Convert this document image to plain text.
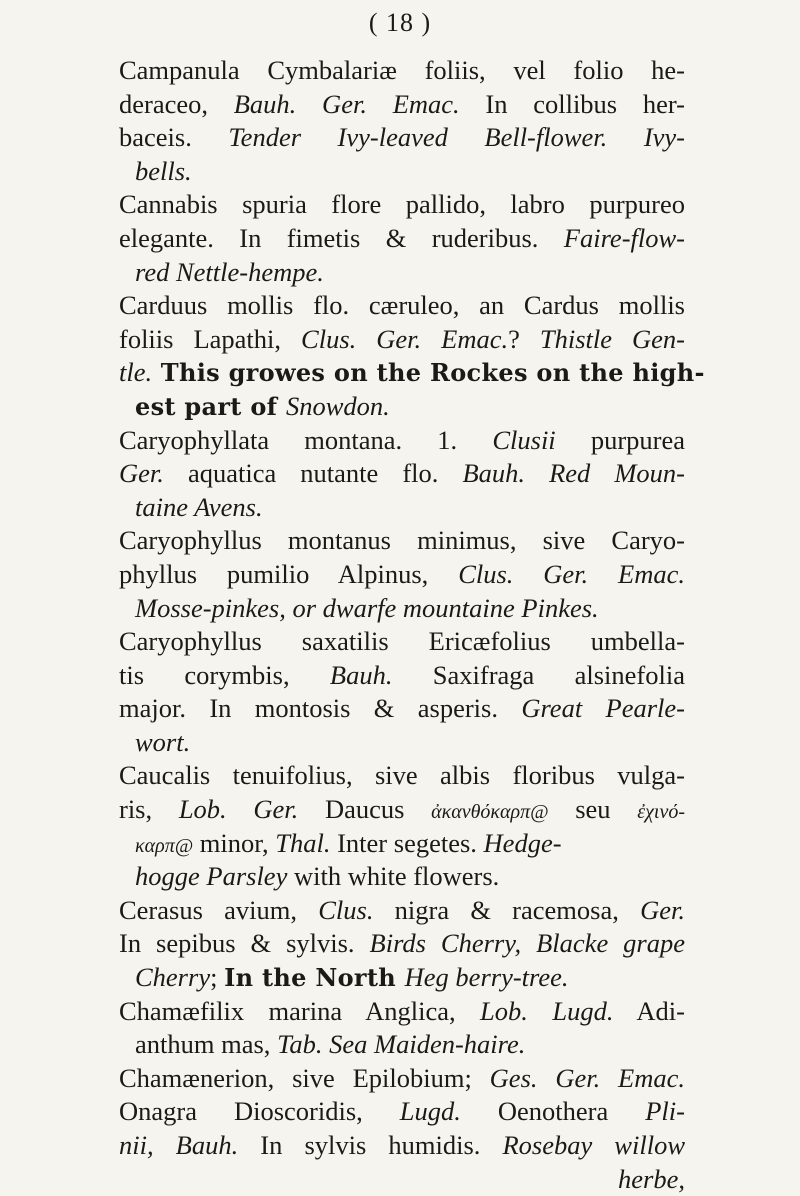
( 18 )
Campanula Cymbalariæ foliis, vel folio he-
deraceo, Bauh. Ger. Emac. In collibus her-
baceis. Tender Ivy-leaved Bell-flower. Ivy-
bells.
Cannabis spuria flore pallido, labro purpureo
elegante. In fimetis & ruderibus. Faire-flow-
red Nettle-hempe.
Carduus mollis flo. cæruleo, an Cardus mollis
foliis Lapathi, Clus. Ger. Emac.? Thistle Gen-
tle. This growes on the Rockes on the high-
est part of Snowdon.
Caryophyllata montana. 1. Clusii purpurea
Ger. aquatica nutante flo. Bauh. Red Moun-
taine Avens.
Caryophyllus montanus minimus, sive Caryo-
phyllus pumilio Alpinus, Clus. Ger. Emac.
Mosse-pinkes, or dwarfe mountaine Pinkes.
Caryophyllus saxatilis Ericæfolius umbella-
tis corymbis, Bauh. Saxifraga alsinefolia
major. In montosis & asperis. Great Pearle-
wort.
Caucalis tenuifolius, sive albis floribus vulga-
ris, Lob. Ger. Daucus ἀκανθόκαρπ@ seu ἐχινό-
καρπ@ minor, Thal. Inter segetes. Hedge-
hogge Parsley with white flowers.
Cerasus avium, Clus. nigra & racemosa, Ger.
In sepibus & sylvis. Birds Cherry, Blacke grape
Cherry; In the North Heg berry-tree.
Chamæfilix marina Anglica, Lob. Lugd. Adi-
anthum mas, Tab. Sea Maiden-haire.
Chamænerion, sive Epilobium; Ges. Ger. Emac.
Onagra Dioscoridis, Lugd. Oenothera Pli-
nii, Bauh. In sylvis humidis. Rosebay willow
herbe,
